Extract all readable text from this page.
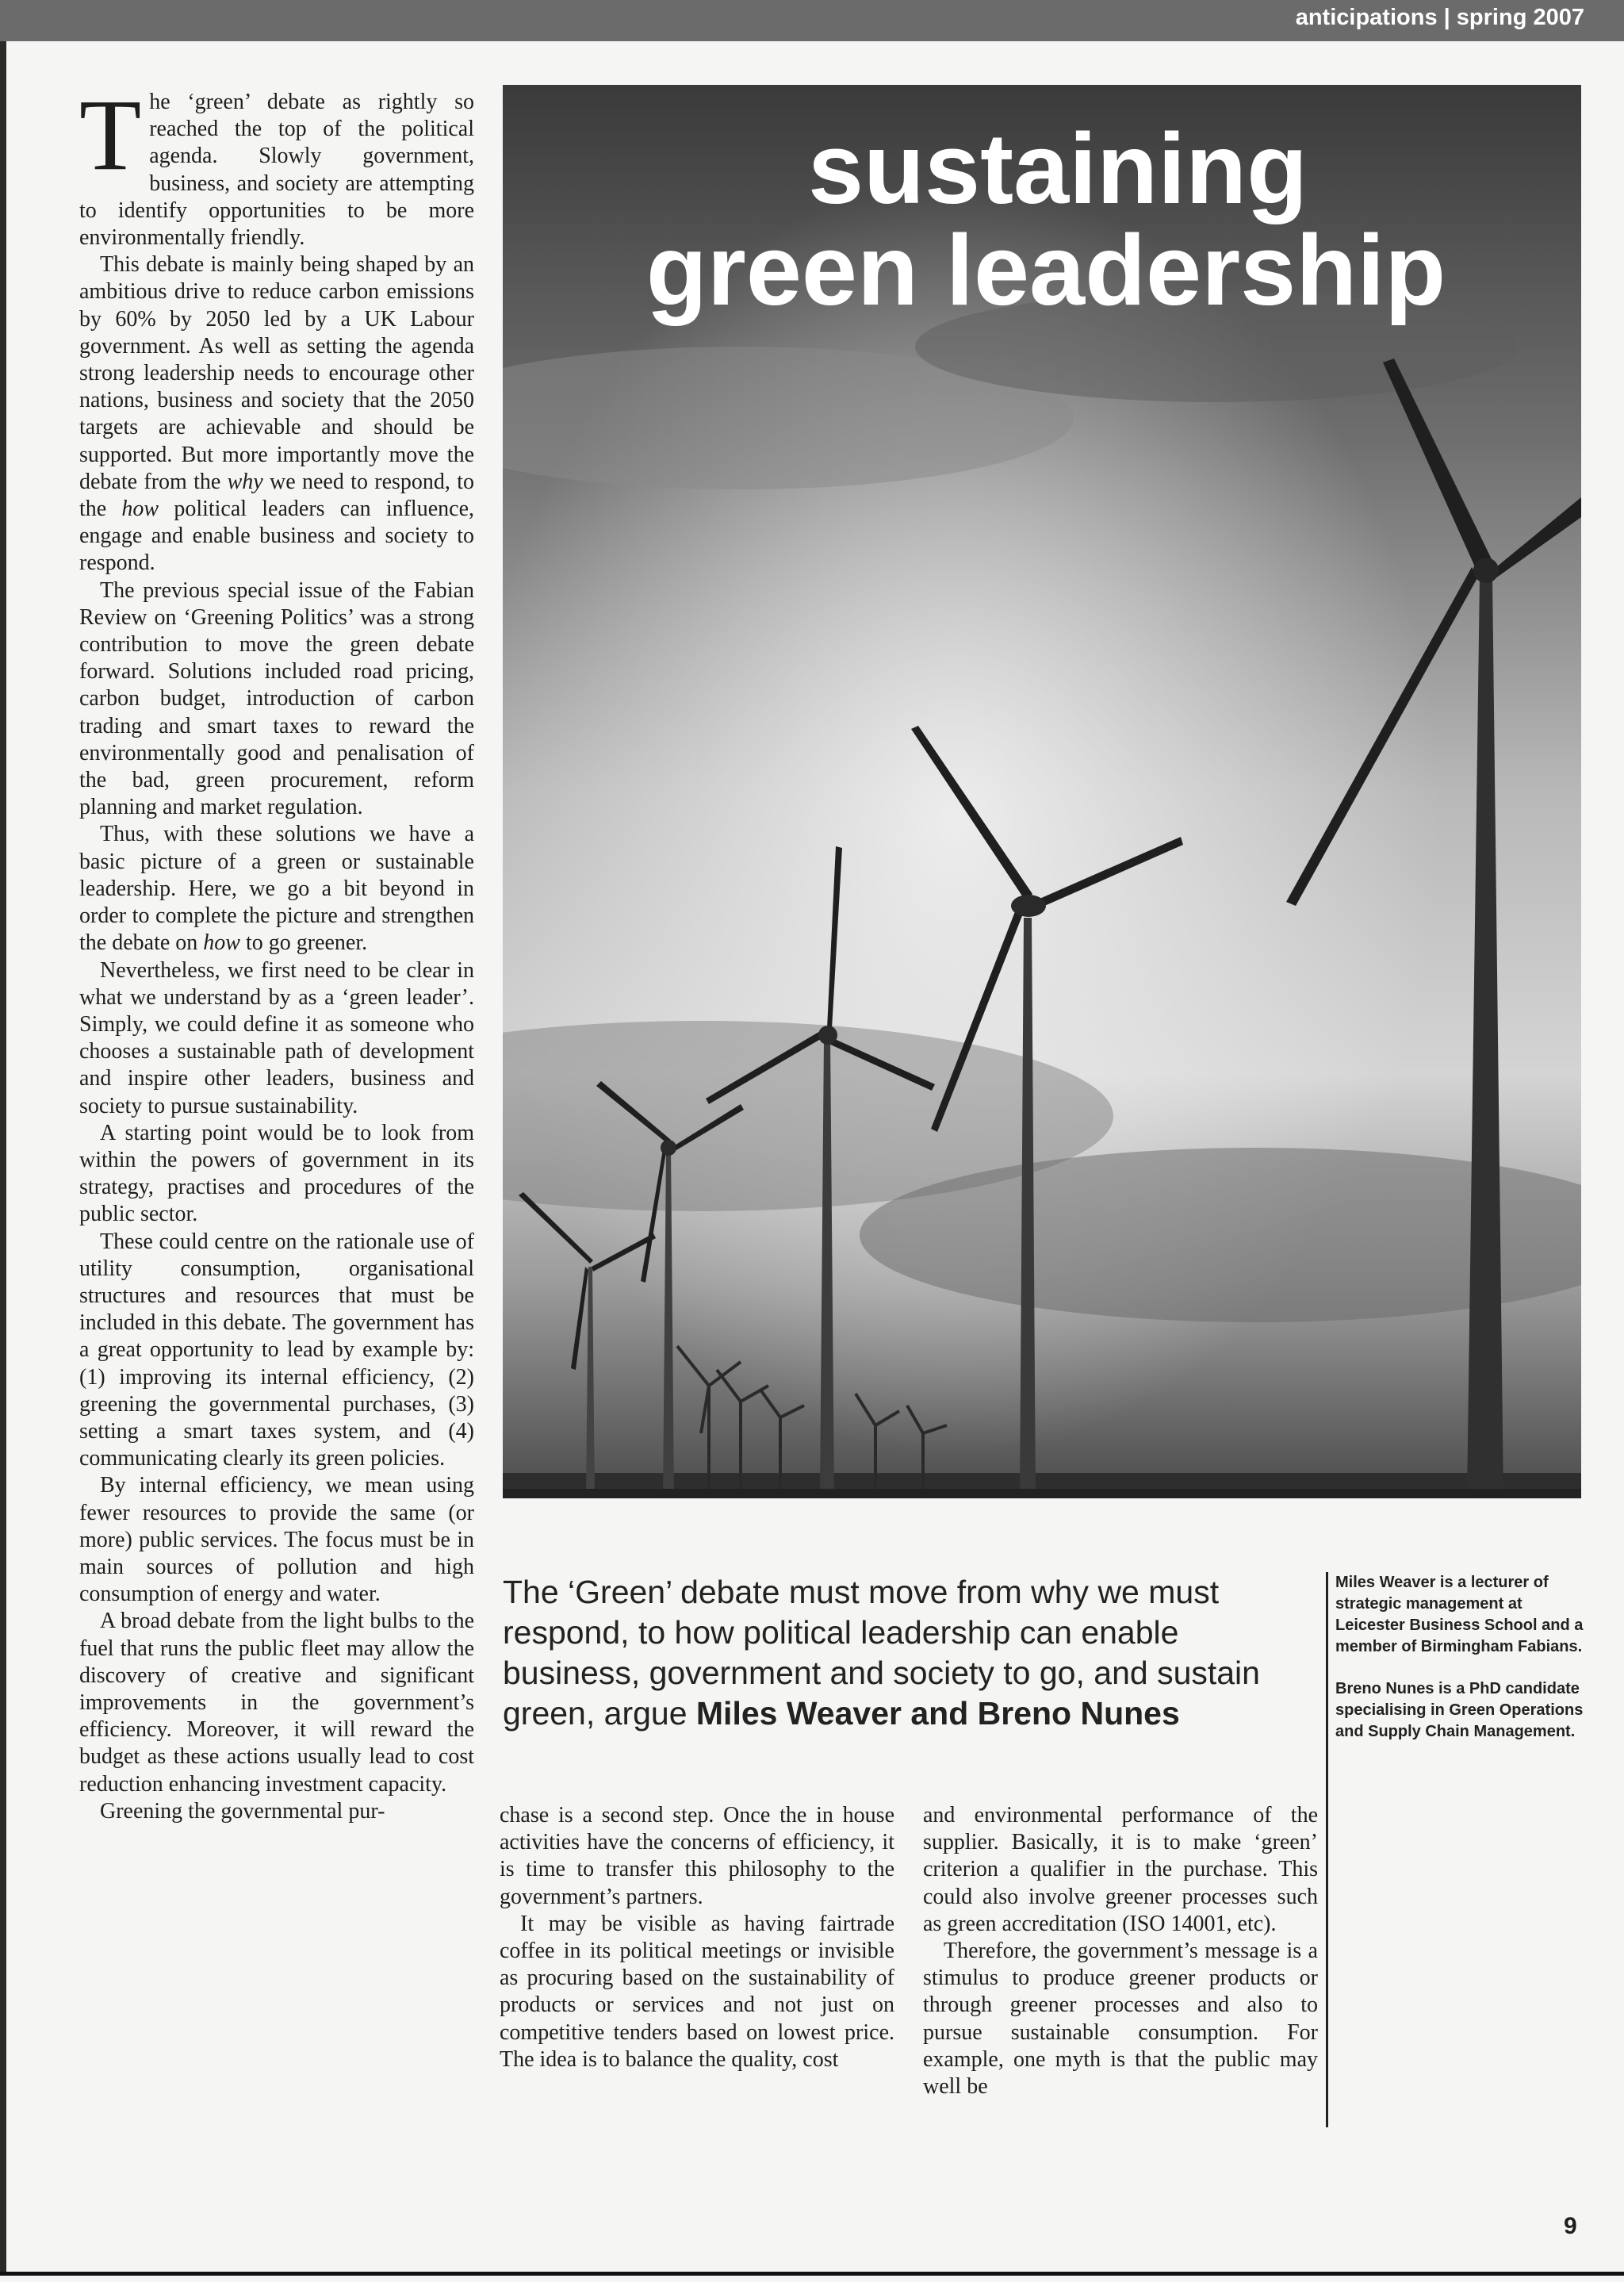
anticipations | spring 2007

The ‘green’ debate as rightly so reached the top of the political agenda. Slowly government, business, and society are attempting to identify opportunities to be more environmentally friendly.

This debate is mainly being shaped by an ambitious drive to reduce carbon emissions by 60% by 2050 led by a UK Labour government. As well as setting the agenda strong leadership needs to encourage other nations, business and society that the 2050 targets are achievable and should be supported. But more importantly move the debate from the why we need to respond, to the how political leaders can influence, engage and enable business and society to respond.

The previous special issue of the Fabian Review on ‘Greening Politics’ was a strong contribution to move the green debate forward. Solutions included road pricing, carbon budget, introduction of carbon trading and smart taxes to reward the environmentally good and penalisation of the bad, green procurement, reform planning and market regulation.

Thus, with these solutions we have a basic picture of a green or sustainable leadership. Here, we go a bit beyond in order to complete the picture and strengthen the debate on how to go greener.

Nevertheless, we first need to be clear in what we understand by as a ‘green leader’. Simply, we could define it as someone who chooses a sustainable path of development and inspire other leaders, business and society to pursue sustainability.

A starting point would be to look from within the powers of government in its strategy, practises and procedures of the public sector.

These could centre on the rationale use of utility consumption, organisational structures and resources that must be included in this debate. The government has a great opportunity to lead by example by: (1) improving its internal efficiency, (2) greening the governmental purchases, (3) setting a smart taxes system, and (4) communicating clearly its green policies.

By internal efficiency, we mean using fewer resources to provide the same (or more) public services. The focus must be in main sources of pollution and high consumption of energy and water.

A broad debate from the light bulbs to the fuel that runs the public fleet may allow the discovery of creative and significant improvements in the government’s efficiency. Moreover, it will reward the budget as these actions usually lead to cost reduction enhancing investment capacity.

Greening the governmental pur-

sustaining
green leadership
The ‘Green’ debate must move from why we must respond, to how political leadership can enable business, government and society to go, and sustain green, argue Miles Weaver and Breno Nunes

Miles Weaver is a lecturer of strategic management at Leicester Business School and a member of Birmingham Fabians.

Breno Nunes is a PhD candidate specialising in Green Operations and Supply Chain Management.

chase is a second step. Once the in house activities have the concerns of efficiency, it is time to transfer this philosophy to the government’s partners.

It may be visible as having fairtrade coffee in its political meetings or invisible as procuring based on the sustainability of products or services and not just on competitive tenders based on lowest price. The idea is to balance the quality, cost

and environmental performance of the supplier. Basically, it is to make ‘green’ criterion a qualifier in the purchase. This could also involve greener processes such as green accreditation (ISO 14001, etc).

Therefore, the government’s message is a stimulus to produce greener products or through greener processes and also to pursue sustainable consumption. For example, one myth is that the public may well be

9
